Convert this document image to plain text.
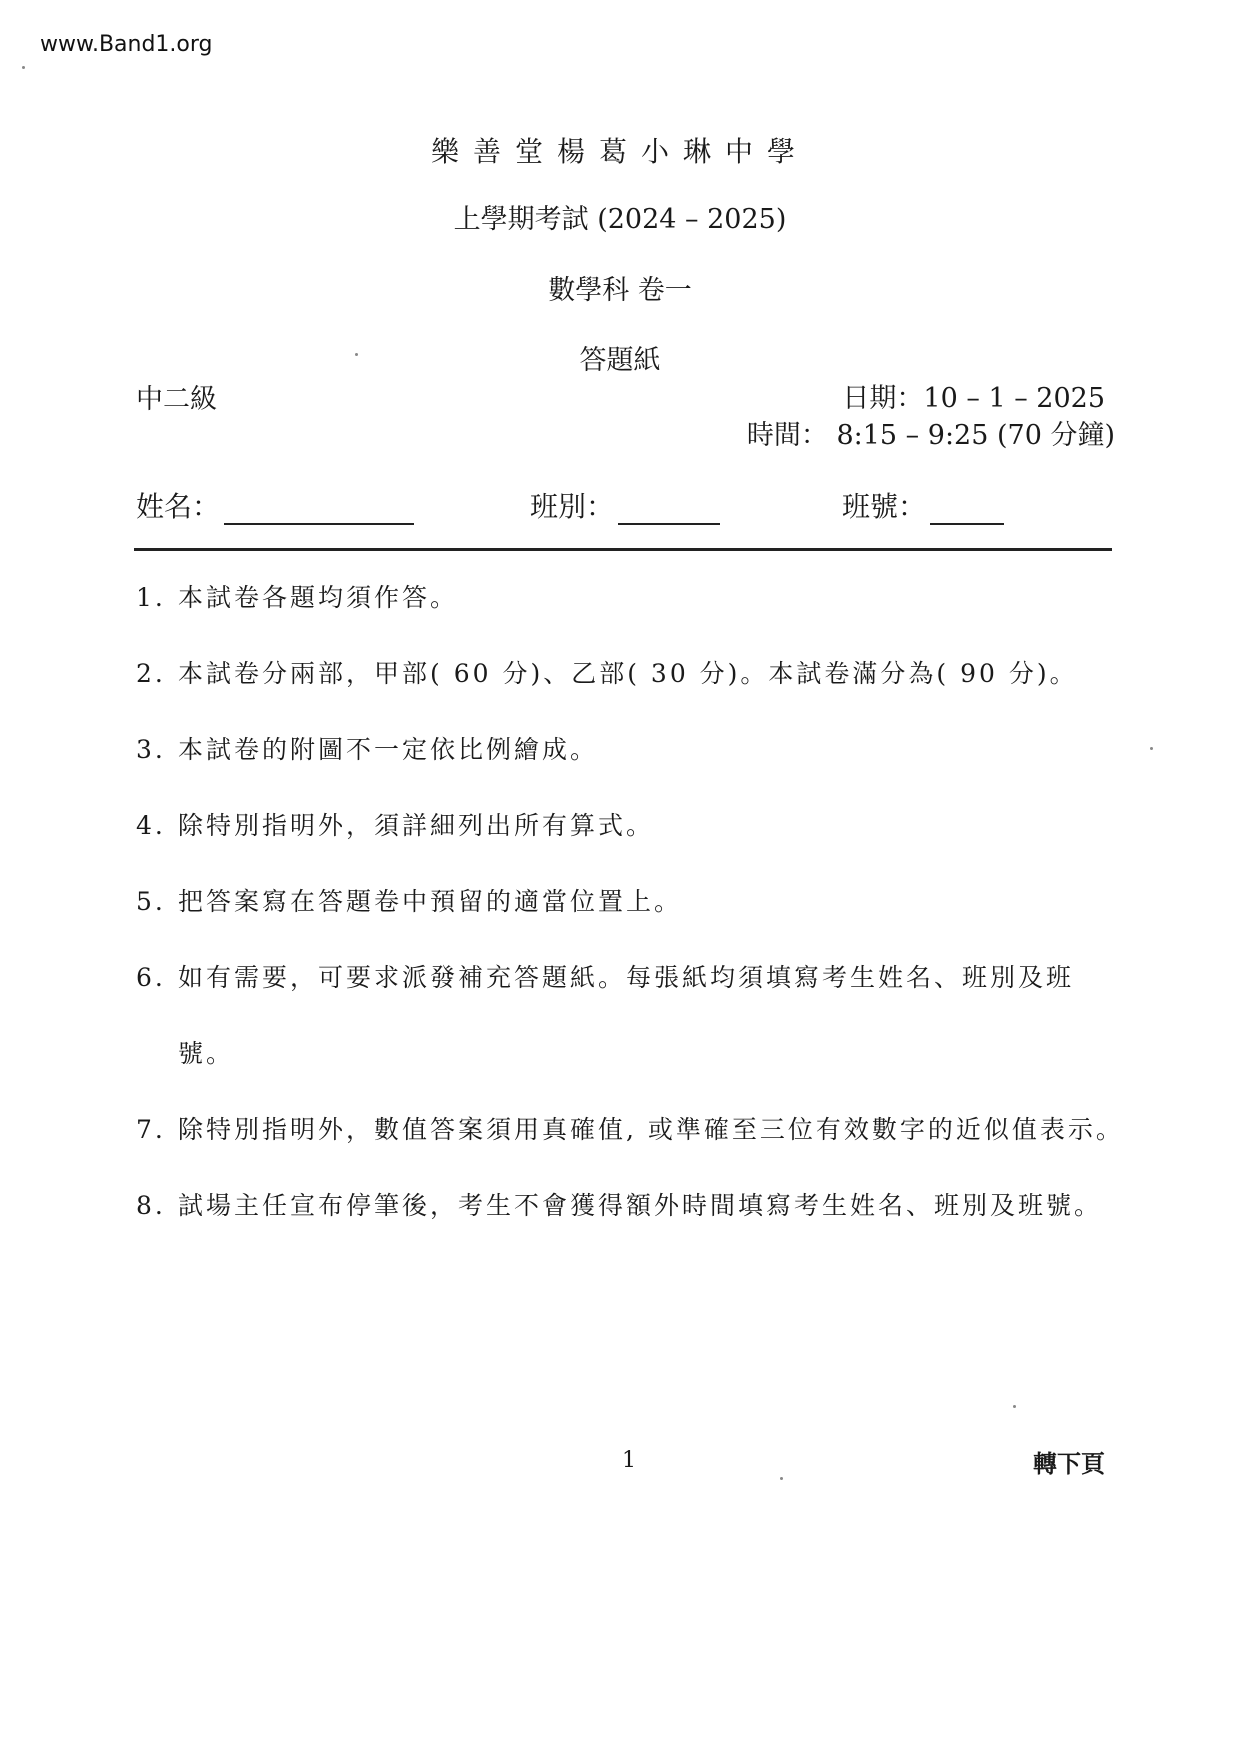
www.Band1.org
樂善堂楊葛小琳中學
上學期考試 (2024 – 2025)
數學科 卷一
答題紙
中二級	日期：10 – 1 – 2025
時間： 8:15 – 9:25 (70 分鐘)
姓名：	班別：	班號：
1. 本試卷各題均須作答。
2. 本試卷分兩部，甲部( 60 分)、乙部( 30 分)。本試卷滿分為( 90 分)。
3. 本試卷的附圖不一定依比例繪成。
4. 除特別指明外，須詳細列出所有算式。
5. 把答案寫在答題卷中預留的適當位置上。
6. 如有需要，可要求派發補充答題紙。每張紙均須填寫考生姓名、班別及班號。
7. 除特別指明外，數值答案須用真確值, 或準確至三位有效數字的近似值表示。
8. 試場主任宣布停筆後，考生不會獲得額外時間填寫考生姓名、班別及班號。
1	轉下頁
